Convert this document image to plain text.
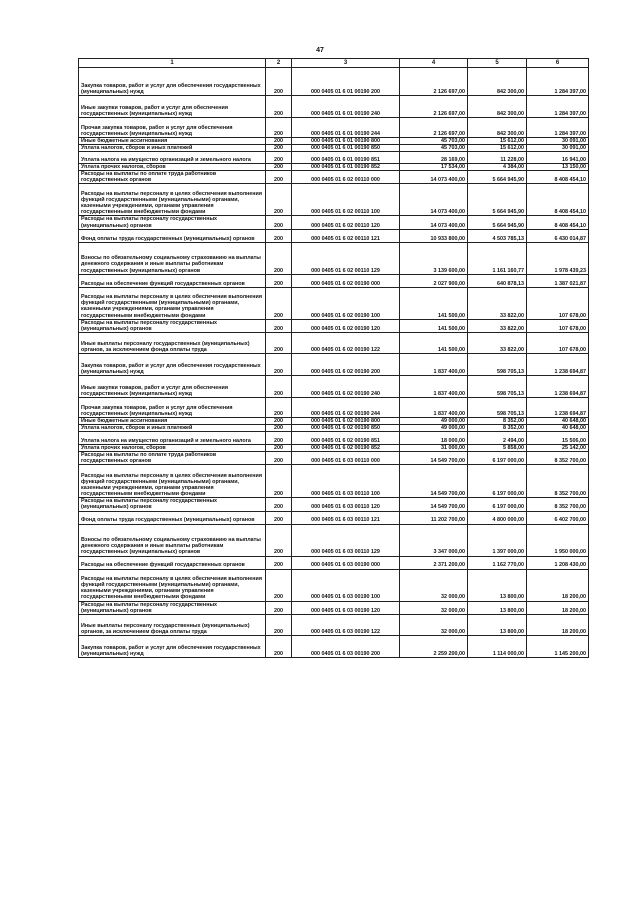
47
1	2	3	4	5	6
Закупка товаров, работ и услуг для обеспечения государственных (муниципальных) нужд	200	000 0405 01 6 01 00190 200	2 126 697,00	842 300,00	1 284 397,00
Иные закупки товаров, работ и услуг для обеспечения государственных (муниципальных) нужд	200	000 0405 01 6 01 00190 240	2 126 697,00	842 300,00	1 284 397,00
Прочая закупка товаров, работ и услуг для обеспечения государственных (муниципальных) нужд	200	000 0405 01 6 01 00190 244	2 126 697,00	842 300,00	1 284 397,00
Иные бюджетные ассигнования	200	000 0405 01 6 01 00190 800	45 703,00	15 612,00	30 091,00
Уплата налогов, сборов и иных платежей	200	000 0405 01 6 01 00190 850	45 703,00	15 612,00	30 091,00
Уплата налога на имущество организаций и земельного налога	200	000 0405 01 6 01 00190 851	28 169,00	11 228,00	16 941,00
Уплата прочих налогов, сборов	200	000 0405 01 6 01 00190 852	17 534,00	4 384,00	13 150,00
Расходы на выплаты по оплате труда работников государственных органов	200	000 0405 01 6 02 00110 000	14 073 400,00	5 664 945,90	8 408 454,10
Расходы на выплаты персоналу в целях обеспечения выполнения функций государственными (муниципальными) органами, казенными учреждениями, органами управления государственными внебюджетными фондами	200	000 0405 01 6 02 00110 100	14 073 400,00	5 664 945,90	8 408 454,10
Расходы на выплаты персоналу государственных (муниципальных) органов	200	000 0405 01 6 02 00110 120	14 073 400,00	5 664 945,90	8 408 454,10
Фонд оплаты труда государственных (муниципальных) органов	200	000 0405 01 6 02 00110 121	10 933 800,00	4 503 785,13	6 430 014,87
Взносы по обязательному социальному страхованию на выплаты денежного содержания и иные выплаты работникам государственных (муниципальных) органов	200	000 0405 01 6 02 00110 129	3 139 600,00	1 161 160,77	1 978 439,23
Расходы на обеспечение функций государственных органов	200	000 0405 01 6 02 00190 000	2 027 900,00	640 878,13	1 387 021,87
Расходы на выплаты персоналу в целях обеспечения выполнения функций государственными (муниципальными) органами, казенными учреждениями, органами управления государственными внебюджетными фондами	200	000 0405 01 6 02 00190 100	141 500,00	33 822,00	107 678,00
Расходы на выплаты персоналу государственных (муниципальных) органов	200	000 0405 01 6 02 00190 120	141 500,00	33 822,00	107 678,00
Иные выплаты персоналу государственных (муниципальных) органов, за исключением фонда оплаты труда	200	000 0405 01 6 02 00190 122	141 500,00	33 822,00	107 678,00
Закупка товаров, работ и услуг для обеспечения государственных (муниципальных) нужд	200	000 0405 01 6 02 00190 200	1 837 400,00	598 705,13	1 238 694,87
Иные закупки товаров, работ и услуг для обеспечения государственных (муниципальных) нужд	200	000 0405 01 6 02 00190 240	1 837 400,00	598 705,13	1 238 694,87
Прочая закупка товаров, работ и услуг для обеспечения государственных (муниципальных) нужд	200	000 0405 01 6 02 00190 244	1 837 400,00	598 705,13	1 238 694,87
Иные бюджетные ассигнования	200	000 0405 01 6 02 00190 800	49 000,00	8 352,00	40 648,00
Уплата налогов, сборов и иных платежей	200	000 0405 01 6 02 00190 850	49 000,00	8 352,00	40 648,00
Уплата налога на имущество организаций и земельного налога	200	000 0405 01 6 02 00190 851	18 000,00	2 494,00	15 506,00
Уплата прочих налогов, сборов	200	000 0405 01 6 02 00190 852	31 000,00	5 858,00	25 142,00
Расходы на выплаты по оплате труда работников государственных органов	200	000 0405 01 6 03 00110 000	14 549 700,00	6 197 000,00	8 352 700,00
Расходы на выплаты персоналу в целях обеспечения выполнения функций государственными (муниципальными) органами, казенными учреждениями, органами управления государственными внебюджетными фондами	200	000 0405 01 6 03 00110 100	14 549 700,00	6 197 000,00	8 352 700,00
Расходы на выплаты персоналу государственных (муниципальных) органов	200	000 0405 01 6 03 00110 120	14 549 700,00	6 197 000,00	8 352 700,00
Фонд оплаты труда государственных (муниципальных) органов	200	000 0405 01 6 03 00110 121	11 202 700,00	4 800 000,00	6 402 700,00
Взносы по обязательному социальному страхованию на выплаты денежного содержания и иные выплаты работникам государственных (муниципальных) органов	200	000 0405 01 6 03 00110 129	3 347 000,00	1 397 000,00	1 950 000,00
Расходы на обеспечение функций государственных органов	200	000 0405 01 6 03 00190 000	2 371 200,00	1 162 770,00	1 208 430,00
Расходы на выплаты персоналу в целях обеспечения выполнения функций государственными (муниципальными) органами, казенными учреждениями, органами управления государственными внебюджетными фондами	200	000 0405 01 6 03 00190 100	32 000,00	13 800,00	18 200,00
Расходы на выплаты персоналу государственных (муниципальных) органов	200	000 0405 01 6 03 00190 120	32 000,00	13 800,00	18 200,00
Иные выплаты персоналу государственных (муниципальных) органов, за исключением фонда оплаты труда	200	000 0405 01 6 03 00190 122	32 000,00	13 800,00	18 200,00
Закупка товаров, работ и услуг для обеспечения государственных (муниципальных) нужд	200	000 0405 01 6 03 00190 200	2 259 200,00	1 114 000,00	1 145 200,00
